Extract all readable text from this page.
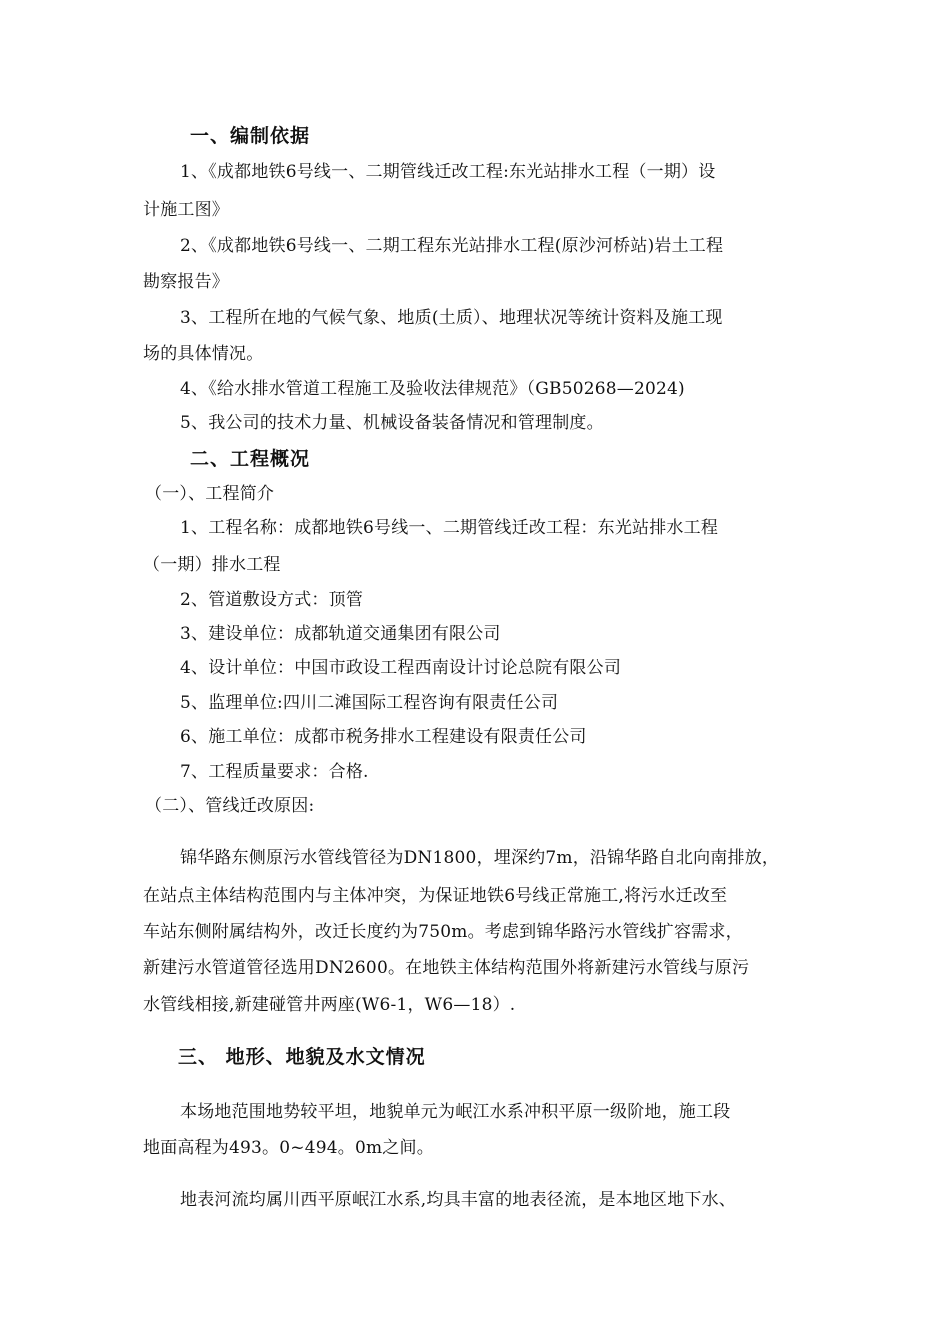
一、编制依据
1、《成都地铁6号线一、二期管线迁改工程:东光站排水工程（一期）设
计施工图》
2、《成都地铁6号线一、二期工程东光站排水工程(原沙河桥站)岩土工程
勘察报告》
3、工程所在地的气候气象、地质(土质）、地理状况等统计资料及施工现
场的具体情况。
4、《给水排水管道工程施工及验收法律规范》（GB50268—2024)
5、我公司的技术力量、机械设备装备情况和管理制度。
二、工程概况
（一）、工程简介
1、工程名称：成都地铁6号线一、二期管线迁改工程：东光站排水工程
（一期）排水工程
2、管道敷设方式：顶管
3、建设单位：成都轨道交通集团有限公司
4、设计单位：中国市政设工程西南设计讨论总院有限公司
5、监理单位:四川二滩国际工程咨询有限责任公司
6、施工单位：成都市税务排水工程建设有限责任公司
7、工程质量要求：合格.
（二）、管线迁改原因:
锦华路东侧原污水管线管径为DN1800，埋深约7m，沿锦华路自北向南排放，
在站点主体结构范围内与主体冲突，为保证地铁6号线正常施工,将污水迁改至
车站东侧附属结构外，改迁长度约为750m。考虑到锦华路污水管线扩容需求，
新建污水管道管径选用DN2600。在地铁主体结构范围外将新建污水管线与原污
水管线相接,新建碰管井两座(W6-1，W6—18）.
三、 地形、地貌及水文情况
本场地范围地势较平坦，地貌单元为岷江水系冲积平原一级阶地，施工段
地面高程为493。0~494。0m之间。
地表河流均属川西平原岷江水系,均具丰富的地表径流，是本地区地下水、
